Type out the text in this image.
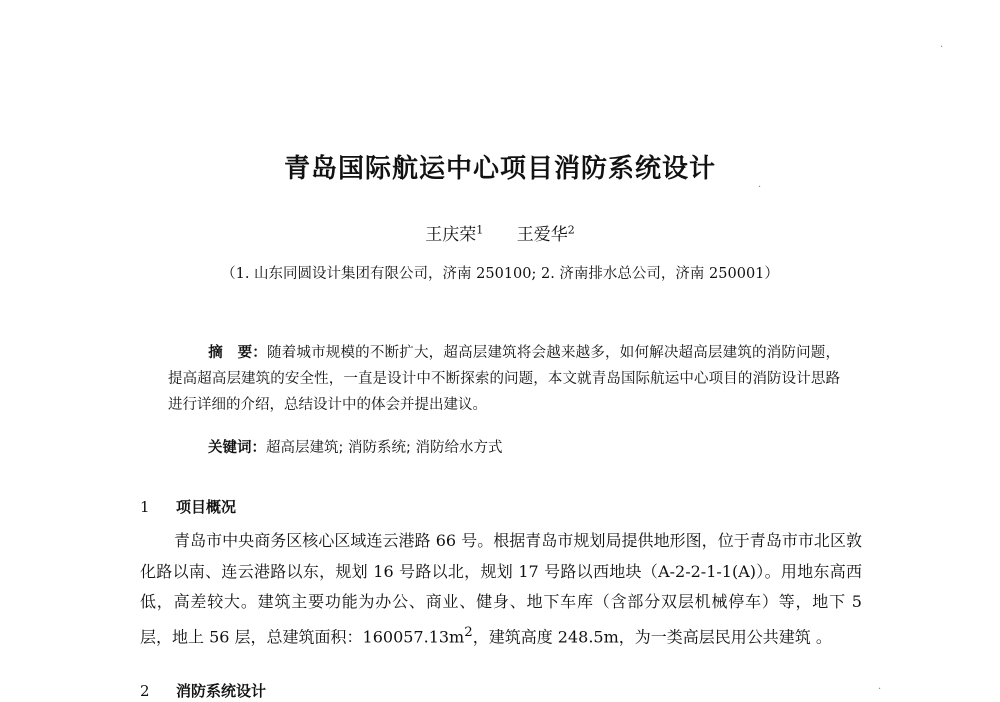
青岛国际航运中心项目消防系统设计
王庆荣$^1$ 王爱华$^2$
（1. 山东同圆设计集团有限公司，济南 250100; 2. 济南排水总公司，济南 250001）
摘　要：随着城市规模的不断扩大，超高层建筑将会越来越多，如何解决超高层建筑的消防问题，提高超高层建筑的安全性，一直是设计中不断探索的问题，本文就青岛国际航运中心项目的消防设计思路进行详细的介绍，总结设计中的体会并提出建议。
关键词：超高层建筑; 消防系统; 消防给水方式
1 项目概况
青岛市中央商务区核心区域连云港路 66 号。根据青岛市规划局提供地形图，位于青岛市市北区敦化路以南、连云港路以东，规划 16 号路以北，规划 17 号路以西地块（A-2-2-1-1(A)）。用地东高西低，高差较大。建筑主要功能为办公、商业、健身、地下车库（含部分双层机械停车）等，地下 5 层，地上 56 层，总建筑面积：$160057.13m^2$，建筑高度 248.5m，为一类高层民用公共建筑 。
2 消防系统设计
·
·
·
